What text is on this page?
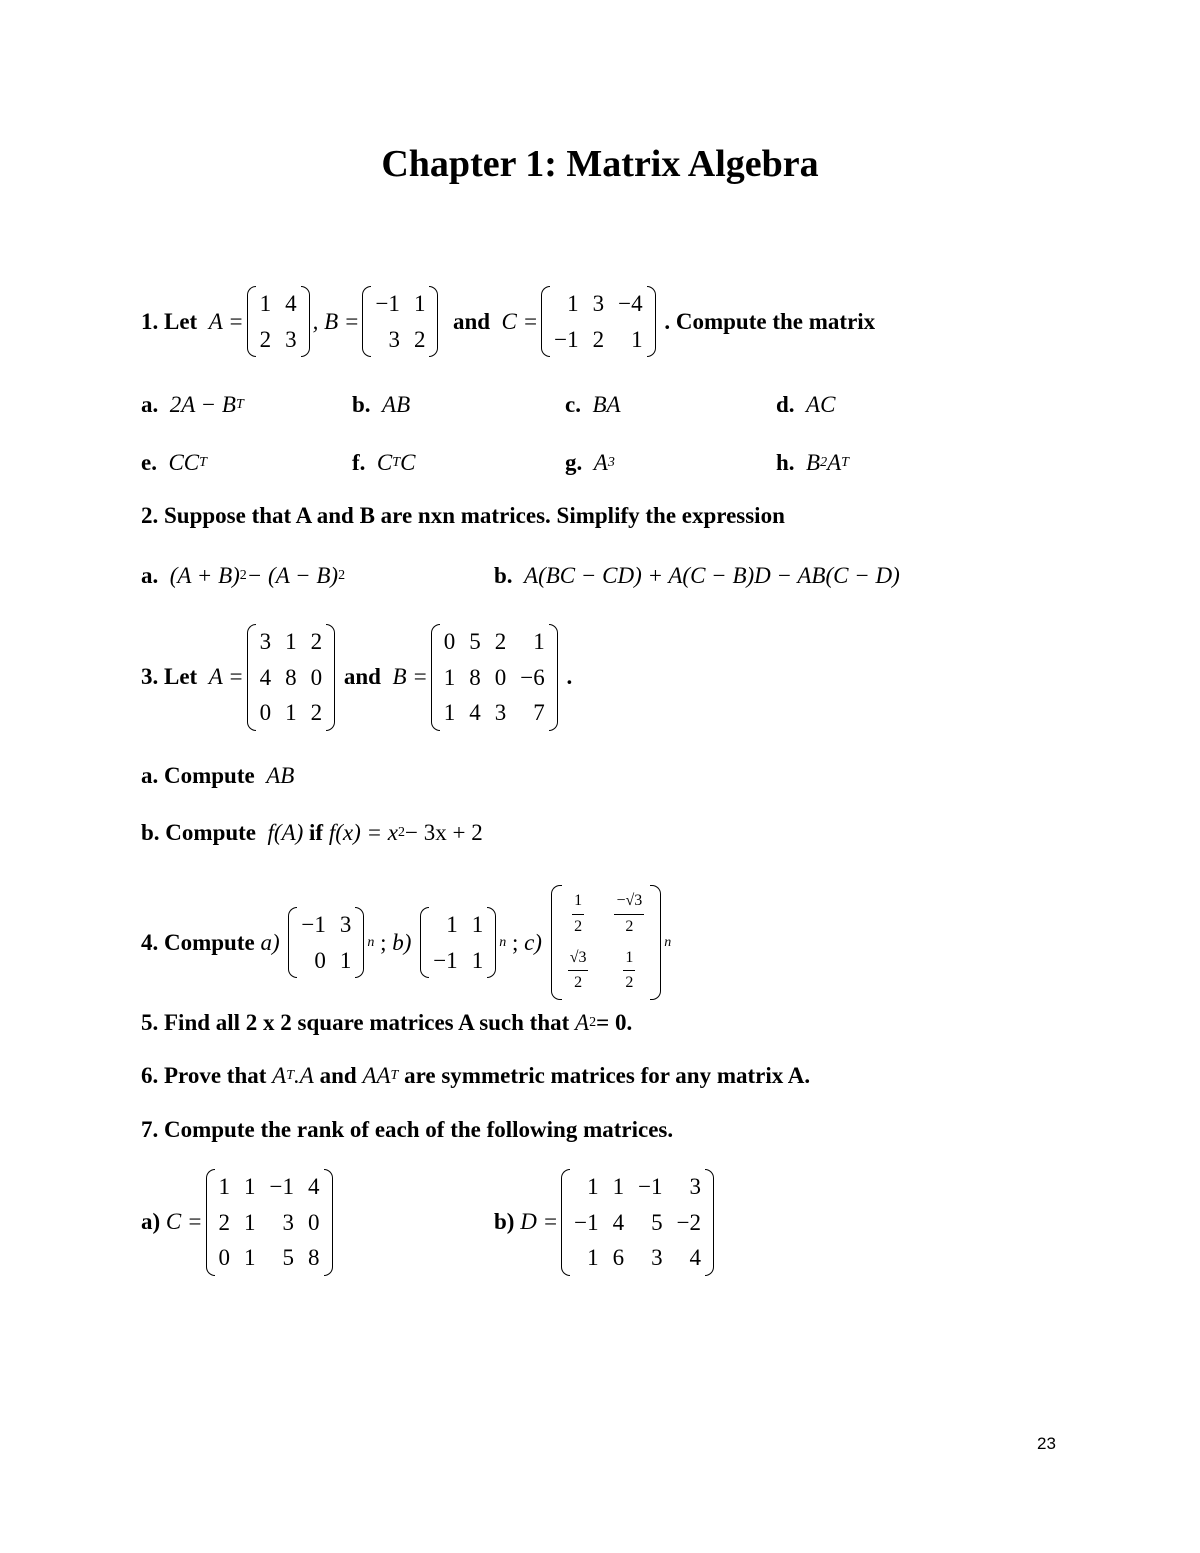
Chapter 1: Matrix Algebra
1.
Let
A =
1 4
2 3
, B =
−1 1
3 2

and
C =
1 3 −4
−1 2	1

. Compute the matrix
a.
2A − B T	b.
AB	c.
BA	d.
AC
e.
CC T	f.
C T C	g.
A 3	h.
B 2 A T
2.
Suppose that A and B are nxn matrices. Simplify the expression
a.
(A + B) 2 − (A − B) 2	b.
A(BC − CD) + A(C − B)D − AB(C − D)
3.
Let
A =
3 1 2
4 8 0
0 1 2

and
B =
0 5 2	1
1 8 0 −6
1 4 3	7

.
a.
Compute
AB
b.
Compute
f(A)
if
f(x) = x 2 − 3x + 2
4.
Compute
a)

−1 3
0 1
n
;
b)

1 1
−1 1
n
;
c)

$\frac{1}{2} \frac{-√3}{2}$
$\frac{√3}{2} \frac{1}{2}$
n
5.
Find all 2 x 2 square matrices A such that
A 2 = 0.
6.
Prove that
A T .A
and
AA T
are symmetric matrices for any matrix A.
7.
Compute the rank of each of the following matrices.
a)
C =
1 1 −1 4
2 1	3 0
0 1	5 8
b)
D =
1 1 −1	3
−1 4	5 −2
1 6	3	4
23
